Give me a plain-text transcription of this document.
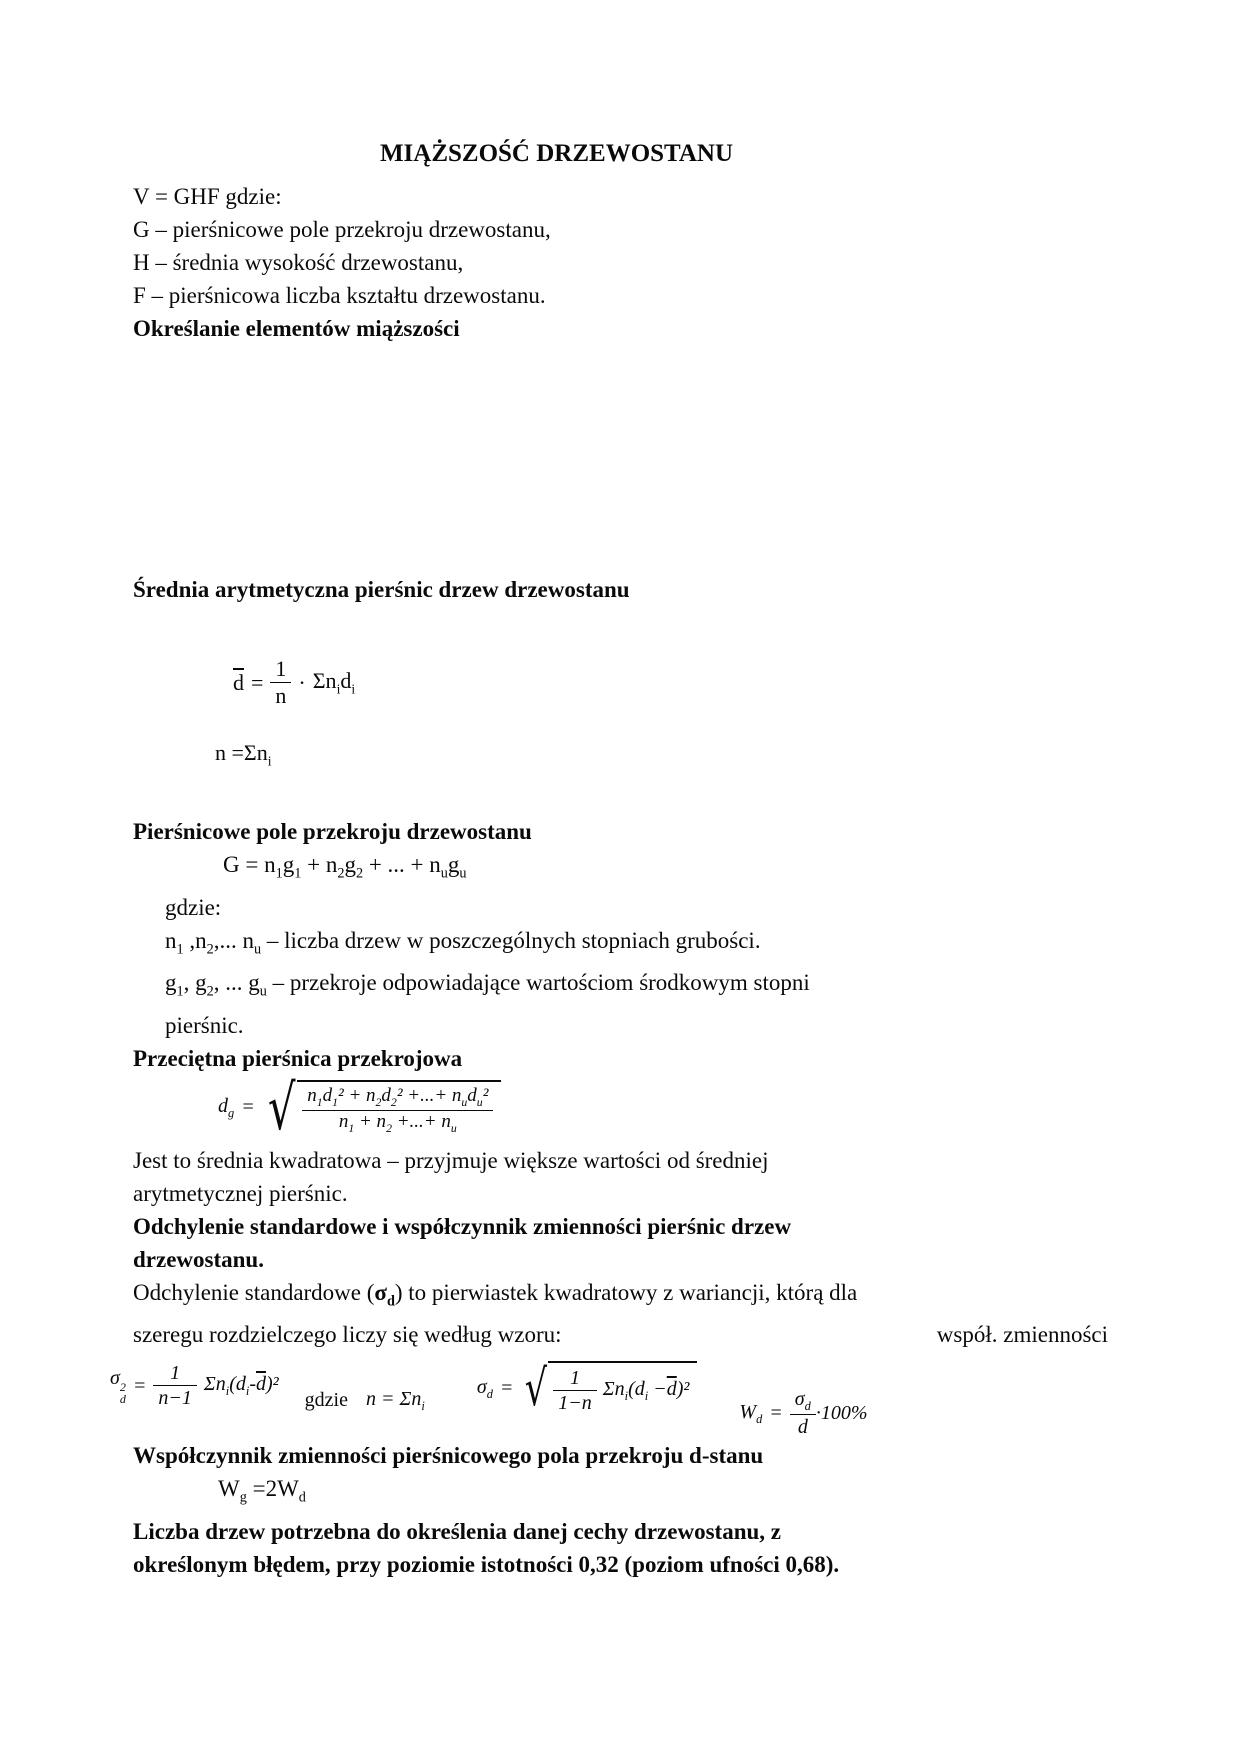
MIĄŻSZOŚĆ DRZEWOSTANU

V = GHF gdzie:

G – pierśnicowe pole przekroju drzewostanu,

H – średnia wysokość drzewostanu,

F – pierśnicowa liczba kształtu drzewostanu.

Określanie elementów miąższości

Średnia arytmetyczna pierśnic drzew drzewostanu

$\overline{d} = \frac{1}{n} \cdot \Sigma n_id_i$
$n =\Sigma n_i$

Pierśnicowe pole przekroju drzewostanu

$G = n_1g_1 + n_2g_2$ + ... + $n_ug_u$

gdzie:

$n_1$ $,n_2$,... $n_u$ – liczba drzew w poszczególnych stopniach grubości.

$g_1$, $g_2$, ... $g_u$ – przekroje odpowiadające wartościom środkowym stopni

pierśnic.

Przeciętna pierśnica przekrojowa

$d_g$ = √ $\frac{n_1d_1^2 + n_2d_2^2 +...+ n_ud_u^2}{n_1 + n_2 +...+ n_u}$

Jest to średnia kwadratowa – przyjmuje większe wartości od średniej

arytmetycznej pierśnic.

Odchylenie standardowe i współczynnik zmienności pierśnic drzew

drzewostanu.

Odchylenie standardowe $(\sigma_d)$ to pierwiastek kwadratowy z wariancji, którą dla

szeregu rozdzielczego liczy się według wzoru:	współ. zmienności
σ 2
d
= $\frac{1}{n-1} \Sigma n_i(d_i-\overline{d})^2$
gdzie $n = \Sigma n_i$
$\sigma_d$ = √ $\frac{1}{1-n} \Sigma n_i(d_i -\overline{d})^2$
$W_d = \frac{\sigma_d}{d} \cdot 100\%$

Współczynnik zmienności pierśnicowego pola przekroju d-stanu

$W_g =2W_d$

Liczba drzew potrzebna do określenia danej cechy drzewostanu, z

określonym błędem, przy poziomie istotności 0,32 (poziom ufności 0,68).
